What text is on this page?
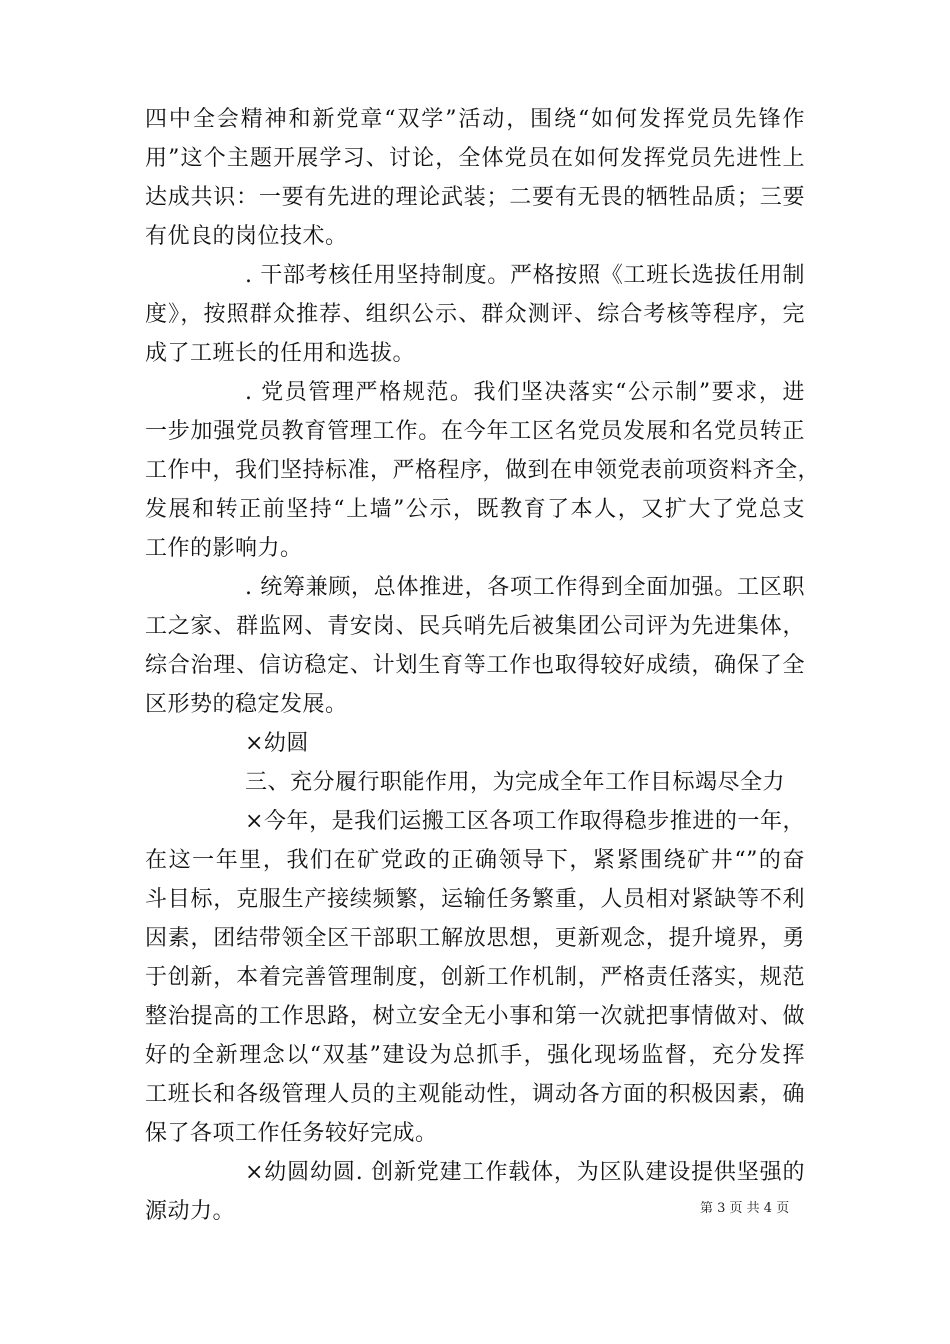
四中全会精神和新党章“双学”活动，围绕“如何发挥党员先锋作
用”这个主题开展学习、讨论，全体党员在如何发挥党员先进性上
达成共识：一要有先进的理论武装；二要有无畏的牺牲品质；三要
有优良的岗位技术。
. 干部考核任用坚持制度。严格按照《工班长选拔任用制
度》，按照群众推荐、组织公示、群众测评、综合考核等程序，完
成了工班长的任用和选拔。
. 党员管理严格规范。我们坚决落实“公示制”要求，进
一步加强党员教育管理工作。在今年工区名党员发展和名党员转正
工作中，我们坚持标准，严格程序，做到在申领党表前项资料齐全，
发展和转正前坚持“上墙”公示，既教育了本人，又扩大了党总支
工作的影响力。
. 统筹兼顾，总体推进，各项工作得到全面加强。工区职
工之家、群监网、青安岗、民兵哨先后被集团公司评为先进集体，
综合治理、信访稳定、计划生育等工作也取得较好成绩，确保了全
区形势的稳定发展。
×幼圆
三、充分履行职能作用，为完成全年工作目标竭尽全力
×今年，是我们运搬工区各项工作取得稳步推进的一年，
在这一年里，我们在矿党政的正确领导下，紧紧围绕矿井“”的奋
斗目标，克服生产接续频繁，运输任务繁重，人员相对紧缺等不利
因素，团结带领全区干部职工解放思想，更新观念，提升境界，勇
于创新，本着完善管理制度，创新工作机制，严格责任落实，规范
整治提高的工作思路，树立安全无小事和第一次就把事情做对、做
好的全新理念以“双基”建设为总抓手，强化现场监督，充分发挥
工班长和各级管理人员的主观能动性，调动各方面的积极因素，确
保了各项工作任务较好完成。
×幼圆幼圆. 创新党建工作载体，为区队建设提供坚强的
源动力。	第 3 页 共 4 页
